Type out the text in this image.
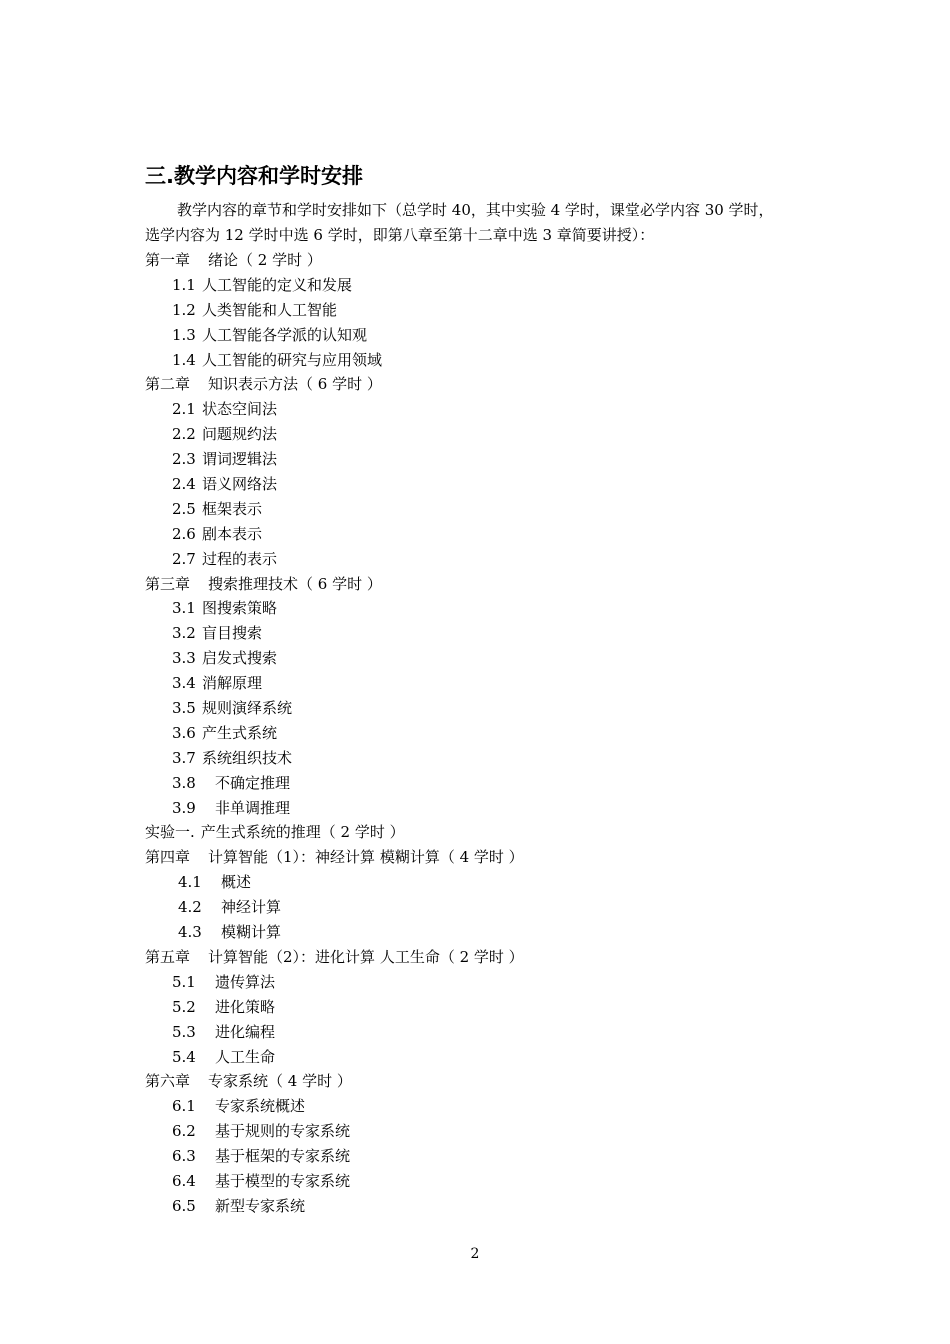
三.教学内容和学时安排

教学内容的章节和学时安排如下（总学时 40，其中实验 4 学时，课堂必学内容 30 学时，

选学内容为 12 学时中选 6 学时，即第八章至第十二章中选 3 章简要讲授）：

第一章 绪论（ 2 学时 ）
1.1 人工智能的定义和发展
1.2 人类智能和人工智能
1.3 人工智能各学派的认知观
1.4 人工智能的研究与应用领域
第二章 知识表示方法（ 6 学时 ）
2.1 状态空间法
2.2 问题规约法
2.3 谓词逻辑法
2.4 语义网络法
2.5 框架表示
2.6 剧本表示
2.7 过程的表示
第三章 搜索推理技术（ 6 学时 ）
3.1 图搜索策略
3.2 盲目搜索
3.3 启发式搜索
3.4 消解原理
3.5 规则演绎系统
3.6 产生式系统
3.7 系统组织技术
3.8 不确定推理
3.9 非单调推理
实验一. 产生式系统的推理（ 2 学时 ）
第四章 计算智能（1）：神经计算 模糊计算（ 4 学时 ）
4.1 概述
4.2 神经计算
4.3 模糊计算
第五章 计算智能（2）：进化计算 人工生命（ 2 学时 ）
5.1 遗传算法
5.2 进化策略
5.3 进化编程
5.4 人工生命
第六章 专家系统（ 4 学时 ）
6.1 专家系统概述
6.2 基于规则的专家系统
6.3 基于框架的专家系统
6.4 基于模型的专家系统
6.5 新型专家系统
2
